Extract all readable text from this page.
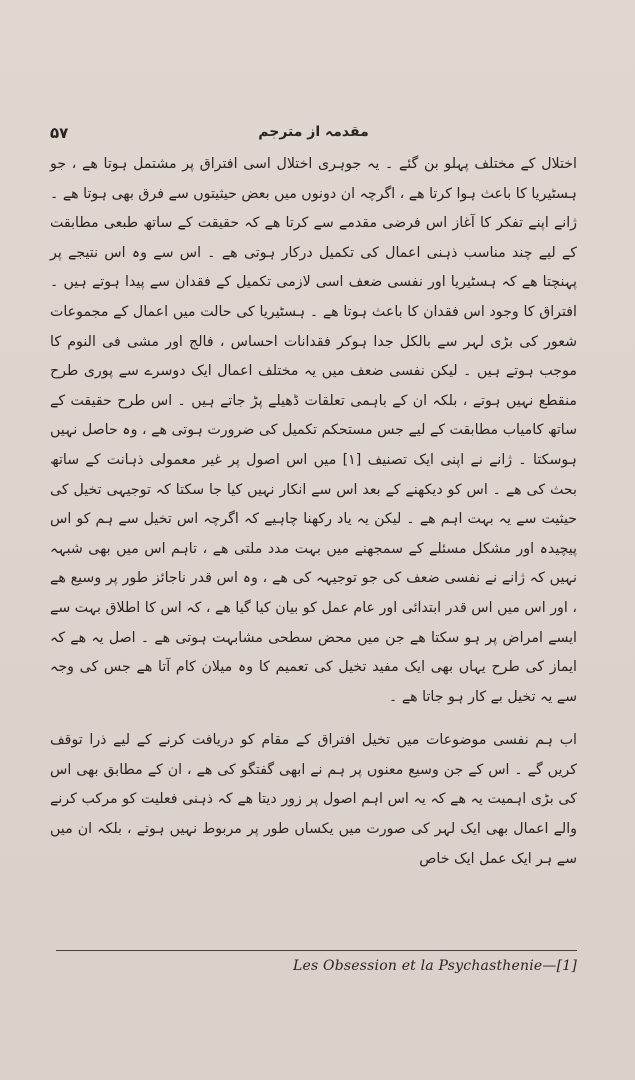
مقدمہ از مترجم
۵۷

اختلال کے مختلف پہلو بن گئے ۔ یہ جوہری اختلال اسی افتراق پر مشتمل ہوتا ھے ، جو ہسٹیریا کا باعث ہوا کرتا ھے ، اگرچہ ان دونوں میں بعض حیثیتوں سے فرق بھی ہوتا ھے ۔ ژانے اپنے تفکر کا آغاز اس فرضی مقدمے سے کرتا ھے کہ حقیقت کے ساتھ طبعی مطابقت کے لیے چند مناسب ذہنی اعمال کی تکمیل درکار ہوتی ھے ۔ اس سے وہ اس نتیجے پر پہنچتا ھے کہ ہسٹیریا اور نفسی ضعف اسی لازمی تکمیل کے فقدان سے پیدا ہوتے ہیں ۔ افتراق کا وجود اس فقدان کا باعث ہوتا ھے ۔ ہسٹیریا کی حالت میں اعمال کے مجموعات شعور کی بڑی لہر سے بالکل جدا ہوکر فقدانات احساس ، فالج اور مشی فی النوم کا موجب ہوتے ہیں ۔ لیکن نفسی ضعف میں یہ مختلف اعمال ایک دوسرے سے پوری طرح منقطع نہیں ہوتے ، بلکہ ان کے باہمی تعلقات ڈھیلے پڑ جاتے ہیں ۔ اس طرح حقیقت کے ساتھ کامیاب مطابقت کے لیے جس مستحکم تکمیل کی ضرورت ہوتی ھے ، وہ حاصل نہیں ہوسکتا ۔ ژانے نے اپنی ایک تصنیف [۱] میں اس اصول پر غیر معمولی ذہانت کے ساتھ بحث کی ھے ۔ اس کو دیکھنے کے بعد اس سے انکار نہیں کیا جا سکتا کہ توجیہی تخیل کی حیثیت سے یہ بہت اہم ھے ۔ لیکن یہ یاد رکھنا چاہیے کہ اگرچہ اس تخیل سے ہم کو اس پیچیدہ اور مشکل مسئلے کے سمجھنے میں بہت مدد ملتی ھے ، تاہم اس میں بھی شبہہ نہیں کہ ژانے نے نفسی ضعف کی جو توجیہہ کی ھے ، وہ اس قدر ناجائز طور پر وسیع ھے ، اور اس میں اس قدر ابتدائی اور عام عمل کو بیان کیا گیا ھے ، کہ اس کا اطلاق بہت سے ایسے امراض پر ہو سکتا ھے جن میں محض سطحی مشابہت ہوتی ھے ۔ اصل یہ ھے کہ ایماز کی طرح یہاں بھی ایک مفید تخیل کی تعمیم کا وہ میلان کام آتا ھے جس کی وجہ سے یہ تخیل بے کار ہو جاتا ھے ۔

اب ہم نفسی موضوعات میں تخیل افتراق کے مقام کو دریافت کرنے کے لیے ذرا توقف کریں گے ۔ اس کے جن وسیع معنوں پر ہم نے ابھی گفتگو کی ھے ، ان کے مطابق بھی اس کی بڑی اہمیت یہ ھے کہ یہ اس اہم اصول پر زور دیتا ھے کہ ذہنی فعلیت کو مرکب کرنے والے اعمال بھی ایک لہر کی صورت میں یکساں طور پر مربوط نہیں ہوتے ، بلکہ ان میں سے ہر ایک عمل ایک خاص

Les Obsession et la Psychasthenie—[1]
